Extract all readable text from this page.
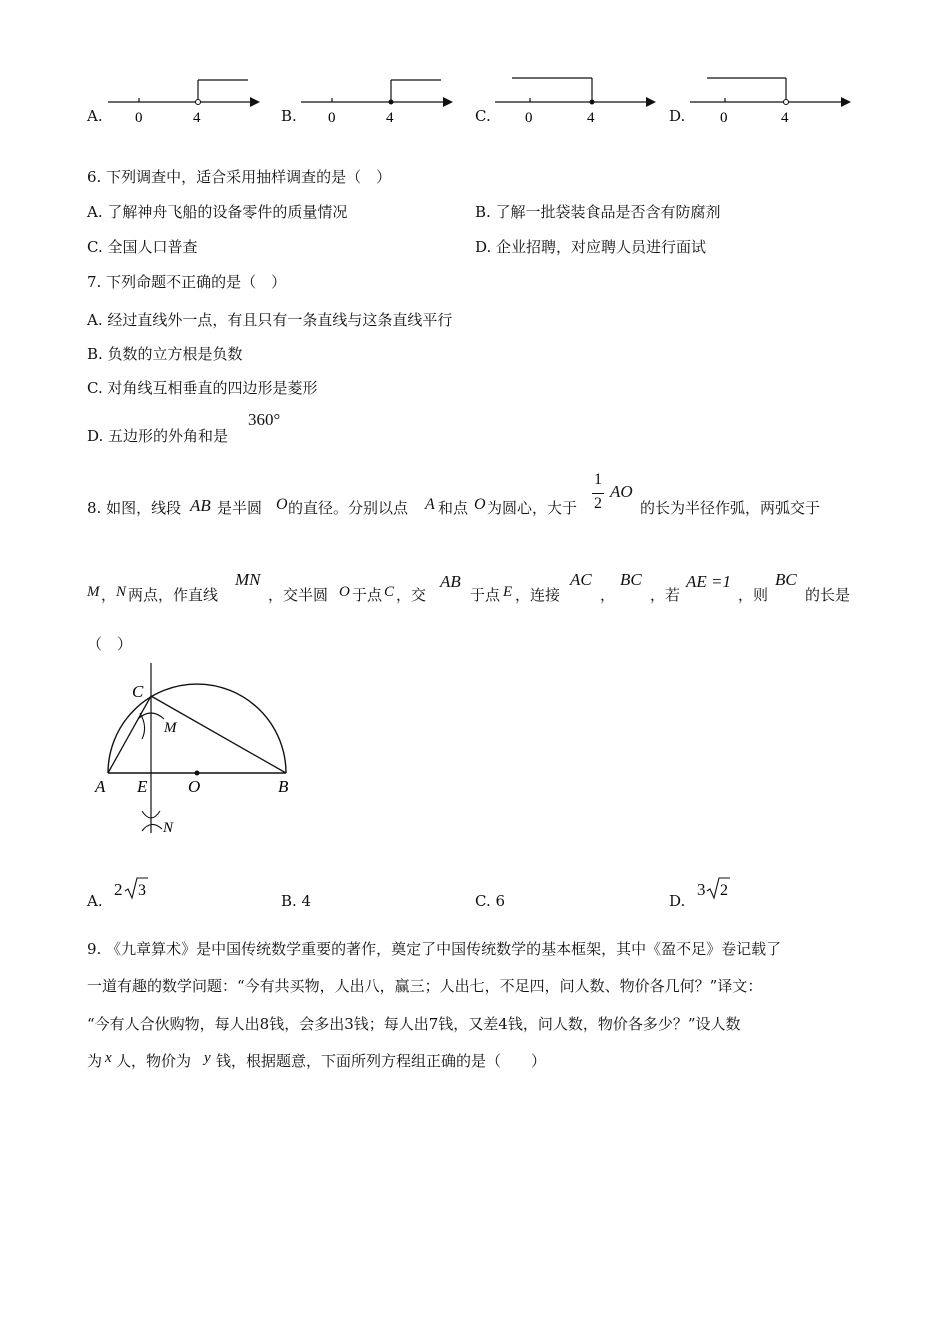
A. 0	4	B. 0	4	C. 0	4	D. 0	4
6. 下列调查中，适合采用抽样调查的是（　）
A. 了解神舟飞船的设备零件的质量情况	B. 了解一批袋装食品是否含有防腐剂
C. 全国人口普查	D. 企业招聘，对应聘人员进行面试
7. 下列命题不正确的是（　）
A. 经过直线外一点，有且只有一条直线与这条直线平行
B. 负数的立方根是负数
C. 对角线互相垂直的四边形是菱形
D. 五边形的外角和是
360°
8. 如图，线段 AB 是半圆 O 的直径。分别以点 A 和点 O 为圆心，大于
1
2
AO
的长为半径作弧，两弧交于
M ， N 两点，作直线
MN
，交半圆 O 于点 C ，交
AB
于点 E ，连接
AC
，
BC
，若
AE =1
，则
BC
的长是
（　）
C
M
A E O	B
N
A.
2 3
B. 4	C. 6	D.
3 2
9. 《九章算术》是中国传统数学重要的著作，奠定了中国传统数学的基本框架，其中《盈不足》卷记载了
一道有趣的数学问题：“今有共买物，人出八，赢三；人出七，不足四，问人数、物价各几何？”译文：
“今有人合伙购物，每人出8钱，会多出3钱；每人出7钱，又差4钱，问人数，物价各多少？”设人数
为 x 人，物价为 y 钱，根据题意，下面所列方程组正确的是（　　）
